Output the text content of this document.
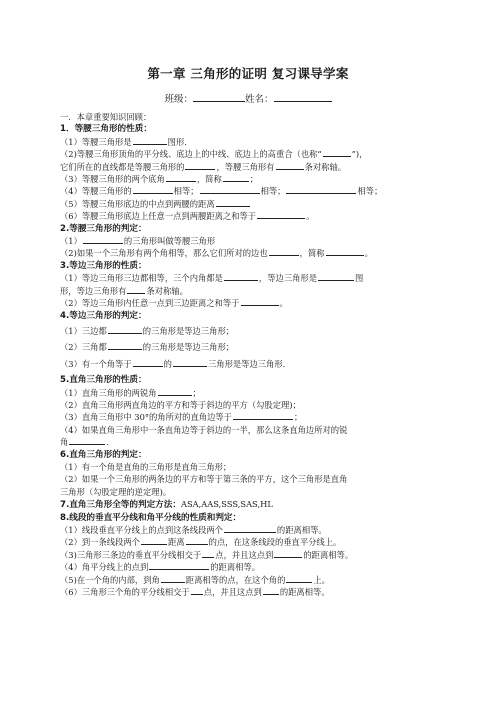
第一章 三角形的证明 复习课导学案
班级：	姓名：
一．本章重要知识回顾：
1．等腰三角形的性质：
（1）等腰三角形是	图形.
（2)等腰三角形顶角的平分线、底边上的中线、底边上的高重合（也称“	”)，
它们所在的直线都是等腰三角形的	，等腰三角形有	条对称轴。
（3）等腰三角形的两个底角	，简称	；
（4）等腰三角形的	相等；	相等；	相等；
（5）等腰三角形底边的中点到两腰的距离
（6）等腰三角形底边上任意一点到两腰距离之和等于	。
2.等腰三角形的判定：
（1）	的三角形叫做等腰三角形
（2)如果一个三角形有两个角相等，那么它们所对的边也	，简称	。
3.等边三角形的性质：
（1）等边三角形三边都相等，三个内角都是	，等边三角形是	图
形，等边三角形有 条对称轴。
（2）等边三角形内任意一点到三边距离之和等于	。
4.等边三角形的判定：
（1）三边都	的三角形是等边三角形；
（2）三角都	的三角形是等边三角形；
（3）有一个角等于	的	三角形是等边三角形.
5.直角三角形的性质：
（1）直角三角形的两锐角	；
（2）直角三角形两直角边的平方和等于斜边的平方（勾股定理)；
（3）直角三角形中 30°的角所对的直角边等于	；
（4）如果直角三角形中一条直角边等于斜边的一半，那么这条直角边所对的锐
角	.
6.直角三角形的判定：
（1）有一个角是直角的三角形是直角三角形；
（2）如果一个三角形的两条边的平方和等于第三条的平方，这个三角形是直角
三角形（勾股定理的逆定理)。
7.直角三角形全等的判定方法：ASA,AAS,SSS,SAS,HL
8.线段的垂直平分线和角平分线的性质和判定：
（1）线段垂直平分线上的点到这条线段两个	的距离相等。
（2）到一条线段两个	距离	的点，在这条线段的垂直平分线上。
（3)三角形三条边的垂直平分线相交于 点，并且这点到	的距离相等。
（4）角平分线上的点到	的距离相等。
（5)在一个角的内部，到角	距离相等的点，在这个角的	上。
（6）三角形三个角的平分线相交于 点，并且这点到 的距离相等。
